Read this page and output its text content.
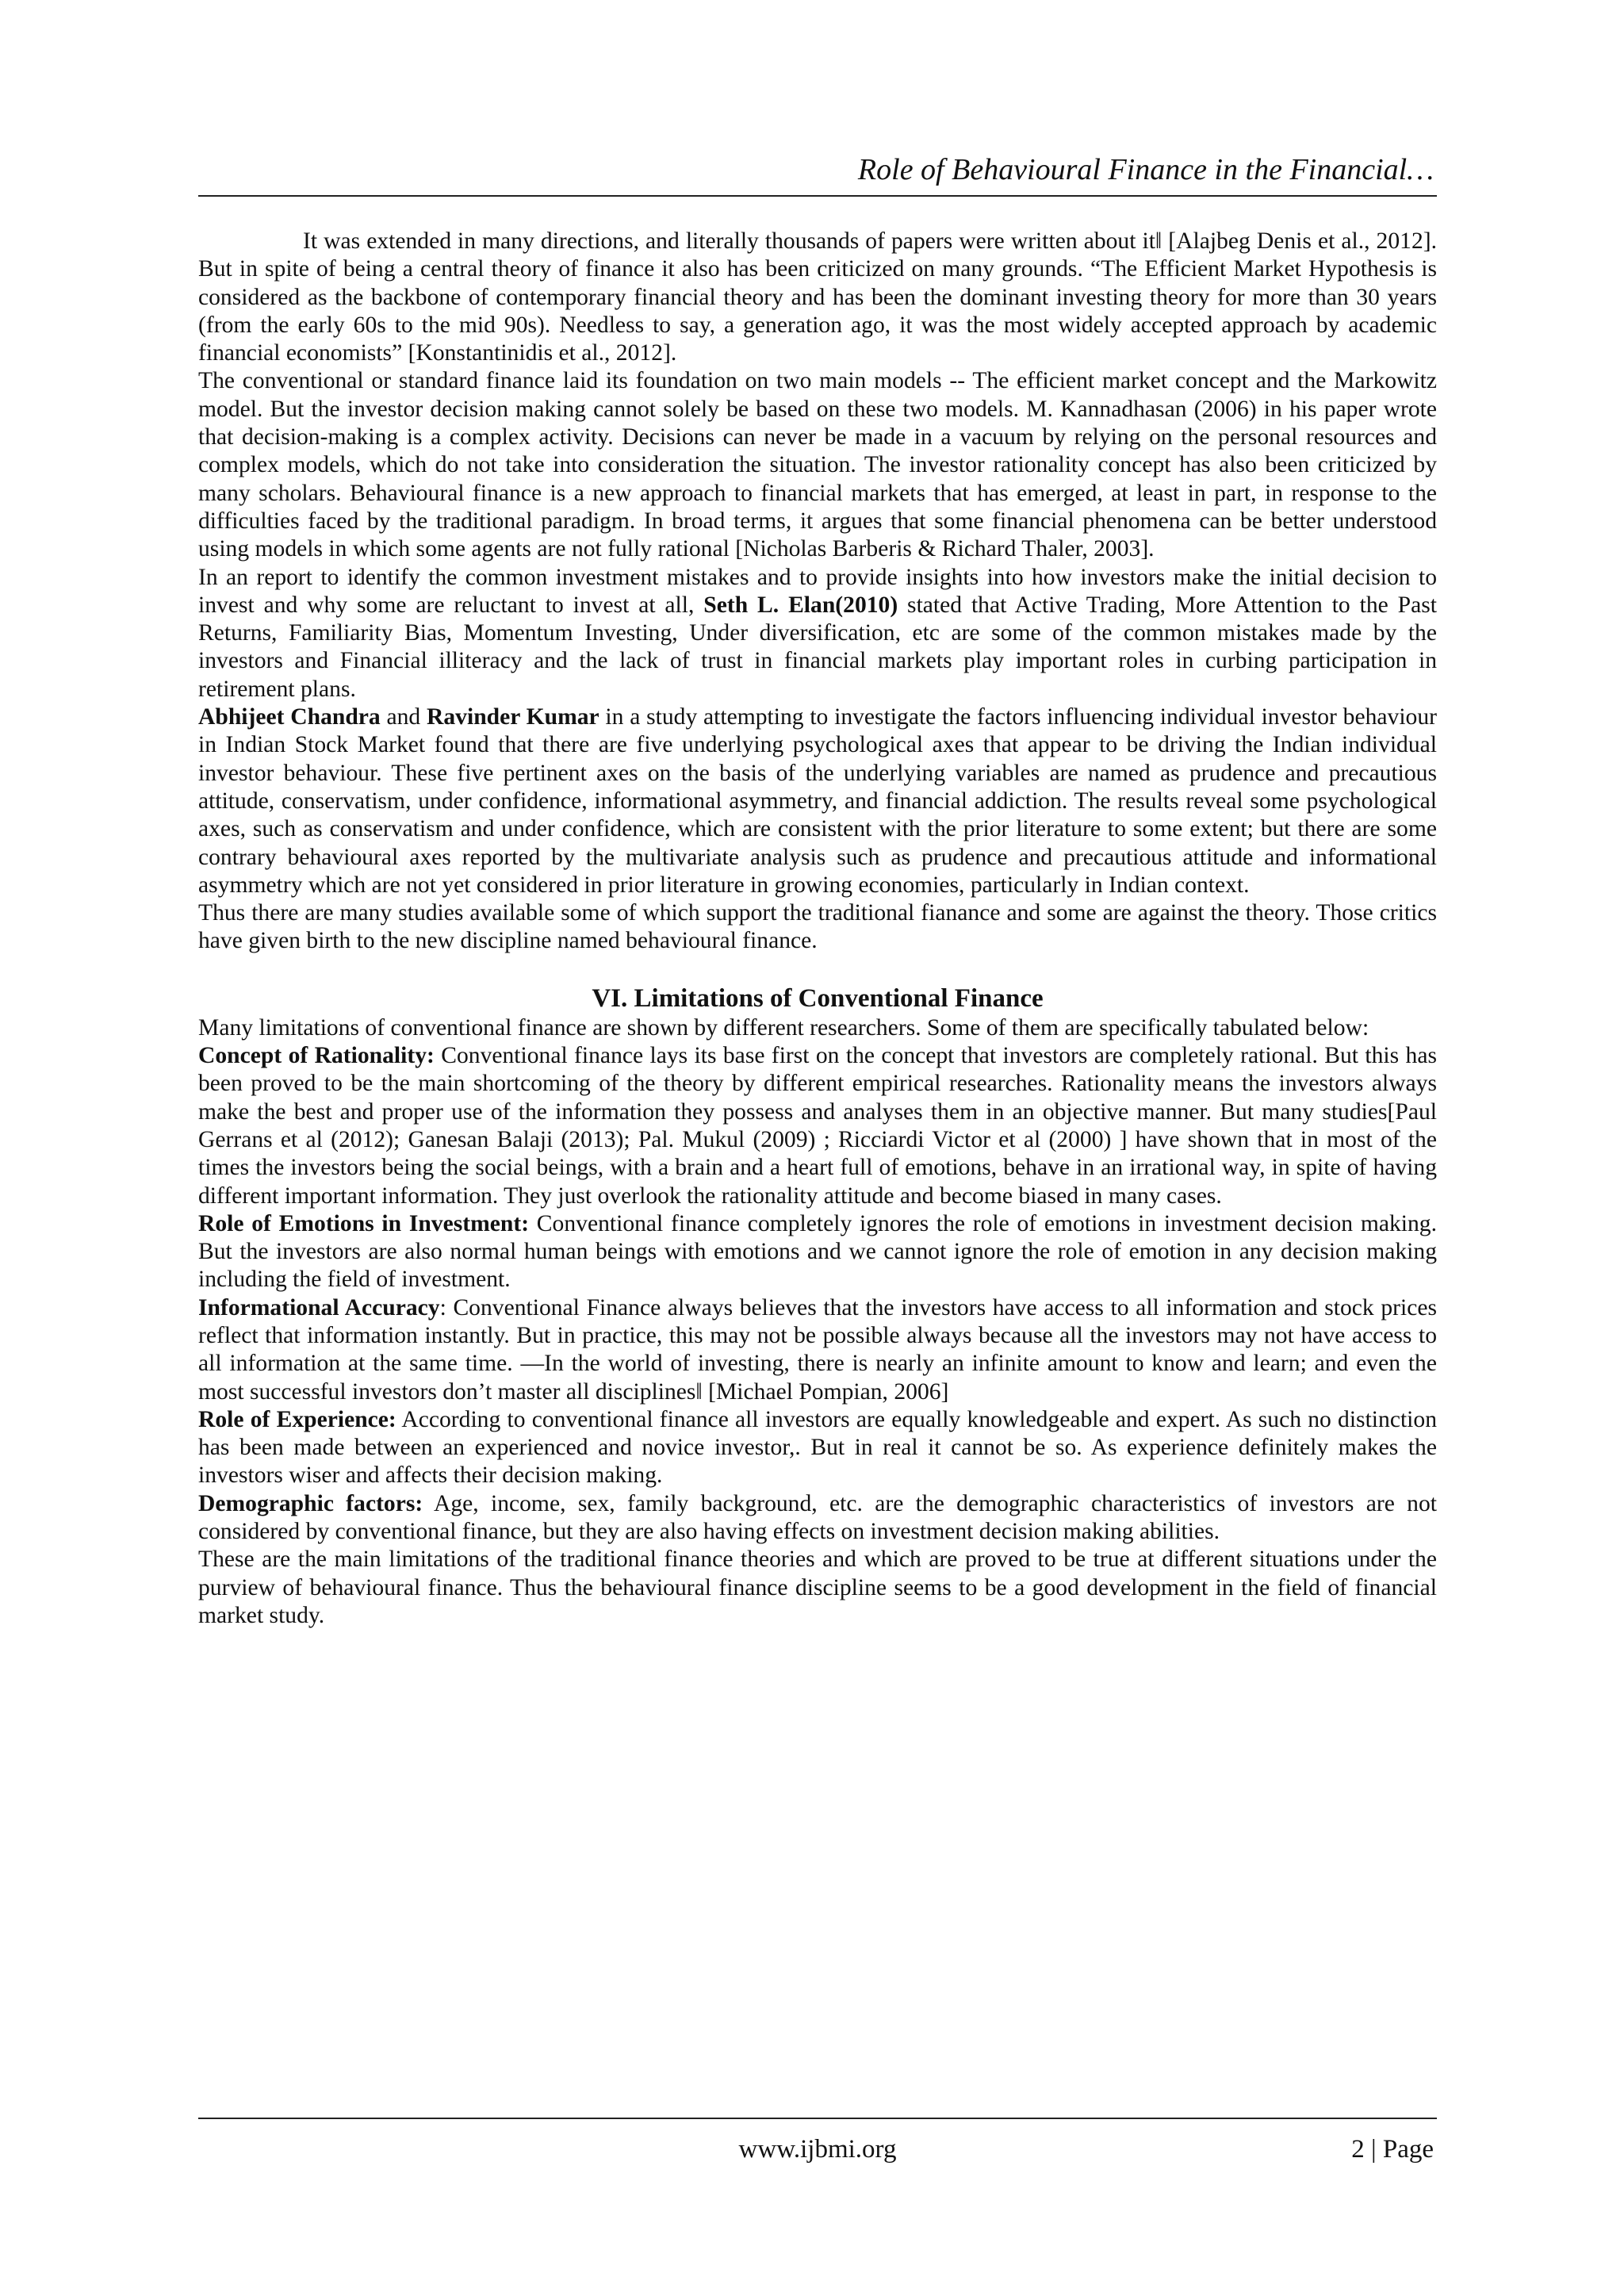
Role of Behavioural Finance in the Financial…

It was extended in many directions, and literally thousands of papers were written about it‖ [Alajbeg Denis et al., 2012]. But in spite of being a central theory of finance it also has been criticized on many grounds. “The Efficient Market Hypothesis is considered as the backbone of contemporary financial theory and has been the dominant investing theory for more than 30 years (from the early 60s to the mid 90s). Needless to say, a generation ago, it was the most widely accepted approach by academic financial economists” [Konstantinidis et al., 2012].

The conventional or standard finance laid its foundation on two main models -- The efficient market concept and the Markowitz model. But the investor decision making cannot solely be based on these two models. M. Kannadhasan (2006) in his paper wrote that decision-making is a complex activity. Decisions can never be made in a vacuum by relying on the personal resources and complex models, which do not take into consideration the situation. The investor rationality concept has also been criticized by many scholars. Behavioural finance is a new approach to financial markets that has emerged, at least in part, in response to the difficulties faced by the traditional paradigm. In broad terms, it argues that some financial phenomena can be better understood using models in which some agents are not fully rational [Nicholas Barberis & Richard Thaler, 2003].

In an report to identify the common investment mistakes and to provide insights into how investors make the initial decision to invest and why some are reluctant to invest at all, Seth L. Elan(2010) stated that Active Trading, More Attention to the Past Returns, Familiarity Bias, Momentum Investing, Under diversification, etc are some of the common mistakes made by the investors and Financial illiteracy and the lack of trust in financial markets play important roles in curbing participation in retirement plans.

Abhijeet Chandra and Ravinder Kumar in a study attempting to investigate the factors influencing individual investor behaviour in Indian Stock Market found that there are five underlying psychological axes that appear to be driving the Indian individual investor behaviour. These five pertinent axes on the basis of the underlying variables are named as prudence and precautious attitude, conservatism, under confidence, informational asymmetry, and financial addiction. The results reveal some psychological axes, such as conservatism and under confidence, which are consistent with the prior literature to some extent; but there are some contrary behavioural axes reported by the multivariate analysis such as prudence and precautious attitude and informational asymmetry which are not yet considered in prior literature in growing economies, particularly in Indian context.

Thus there are many studies available some of which support the traditional fianance and some are against the theory. Those critics have given birth to the new discipline named behavioural finance.

VI. Limitations of Conventional Finance

Many limitations of conventional finance are shown by different researchers. Some of them are specifically tabulated below:

Concept of Rationality: Conventional finance lays its base first on the concept that investors are completely rational. But this has been proved to be the main shortcoming of the theory by different empirical researches. Rationality means the investors always make the best and proper use of the information they possess and analyses them in an objective manner. But many studies[Paul Gerrans et al (2012); Ganesan Balaji (2013); Pal. Mukul (2009) ; Ricciardi Victor et al (2000) ] have shown that in most of the times the investors being the social beings, with a brain and a heart full of emotions, behave in an irrational way, in spite of having different important information. They just overlook the rationality attitude and become biased in many cases.

Role of Emotions in Investment: Conventional finance completely ignores the role of emotions in investment decision making. But the investors are also normal human beings with emotions and we cannot ignore the role of emotion in any decision making including the field of investment.

Informational Accuracy: Conventional Finance always believes that the investors have access to all information and stock prices reflect that information instantly. But in practice, this may not be possible always because all the investors may not have access to all information at the same time. ―In the world of investing, there is nearly an infinite amount to know and learn; and even the most successful investors don’t master all disciplines‖ [Michael Pompian, 2006]

Role of Experience: According to conventional finance all investors are equally knowledgeable and expert. As such no distinction has been made between an experienced and novice investor,. But in real it cannot be so. As experience definitely makes the investors wiser and affects their decision making.

Demographic factors: Age, income, sex, family background, etc. are the demographic characteristics of investors are not considered by conventional finance, but they are also having effects on investment decision making abilities.

These are the main limitations of the traditional finance theories and which are proved to be true at different situations under the purview of behavioural finance. Thus the behavioural finance discipline seems to be a good development in the field of financial market study.

www.ijbmi.org	2 | Page
